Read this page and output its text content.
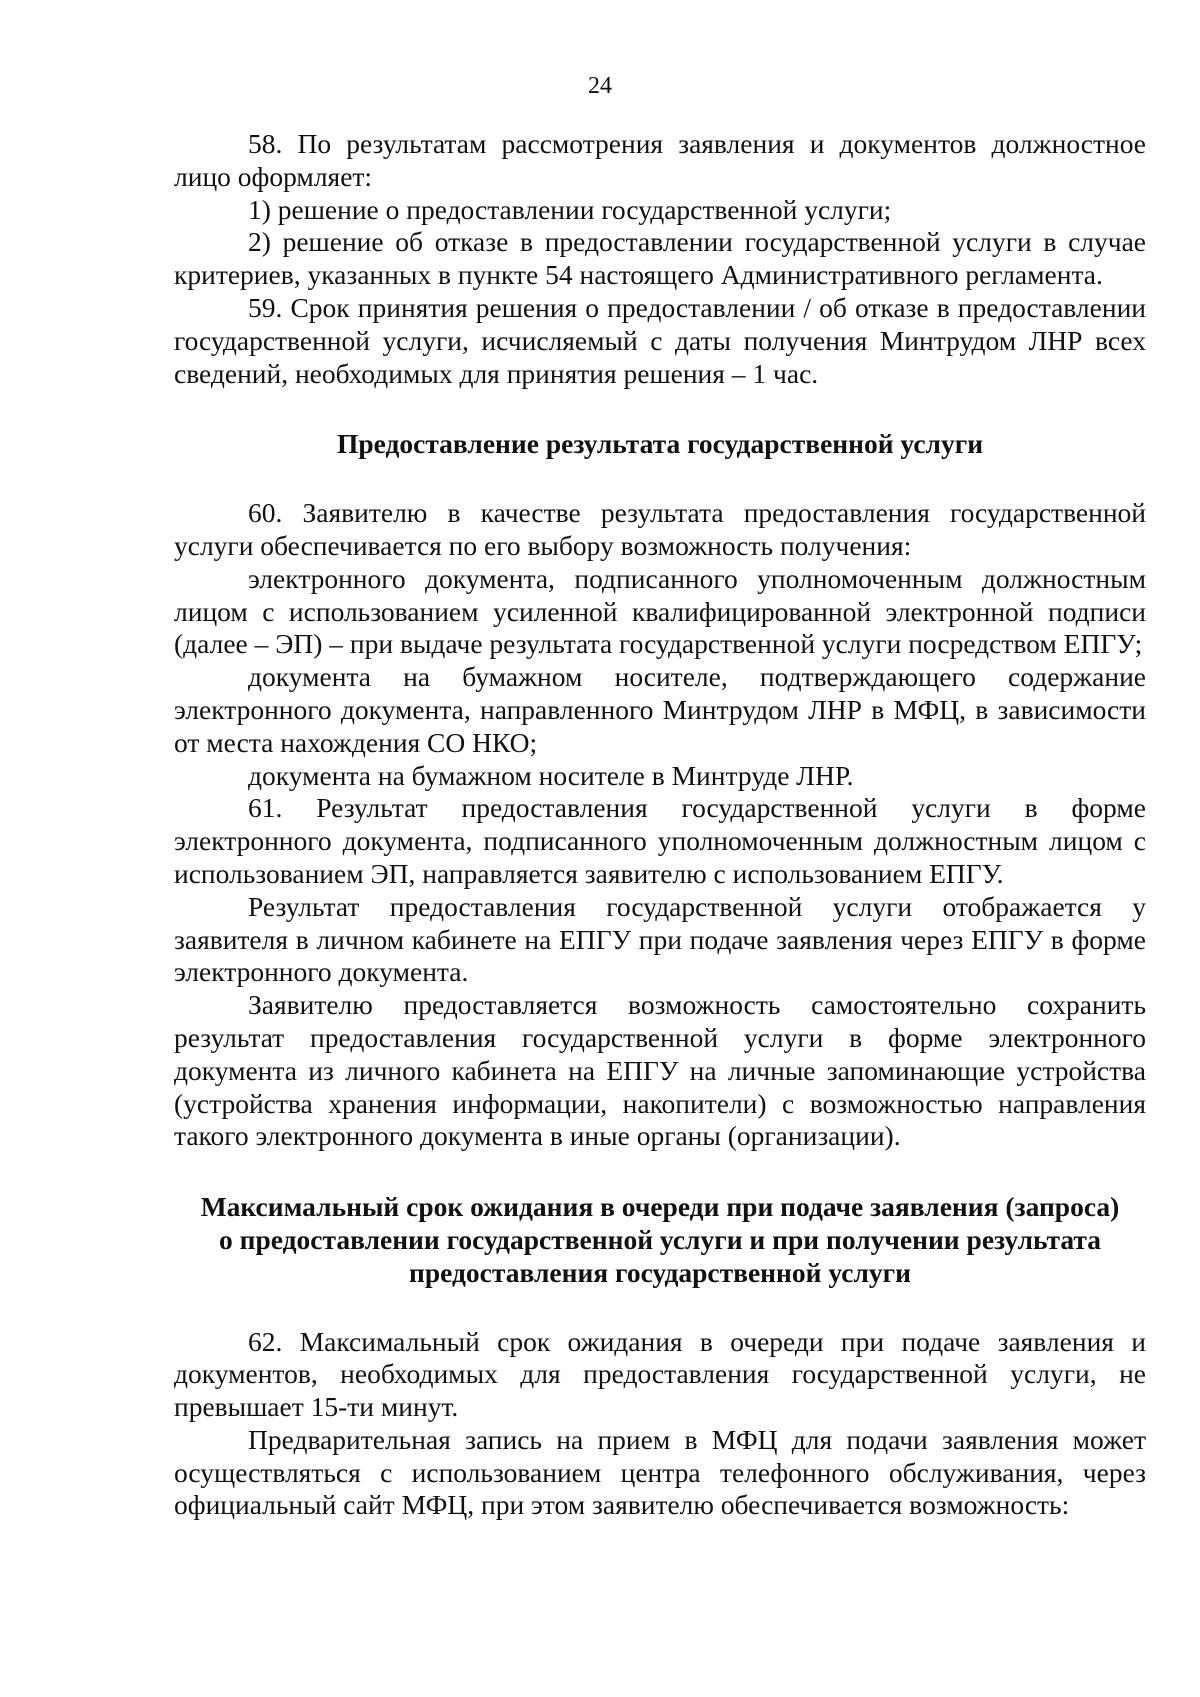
24

58. По результатам рассмотрения заявления и документов должностное лицо оформляет:

1) решение о предоставлении государственной услуги;

2) решение об отказе в предоставлении государственной услуги в случае критериев, указанных в пункте 54 настоящего Административного регламента.

59. Срок принятия решения о предоставлении / об отказе в предоставлении государственной услуги, исчисляемый с даты получения Минтрудом ЛНР всех сведений, необходимых для принятия решения – 1 час.

Предоставление результата государственной услуги

60. Заявителю в качестве результата предоставления государственной услуги обеспечивается по его выбору возможность получения:

электронного документа, подписанного уполномоченным должностным лицом с использованием усиленной квалифицированной электронной подписи (далее – ЭП) – при выдаче результата государственной услуги посредством ЕПГУ;

документа на бумажном носителе, подтверждающего содержание электронного документа, направленного Минтрудом ЛНР в МФЦ, в зависимости от места нахождения СО НКО;

документа на бумажном носителе в Минтруде ЛНР.

61. Результат предоставления государственной услуги в форме электронного документа, подписанного уполномоченным должностным лицом с использованием ЭП, направляется заявителю с использованием ЕПГУ.

Результат предоставления государственной услуги отображается у заявителя в личном кабинете на ЕПГУ при подаче заявления через ЕПГУ в форме электронного документа.

Заявителю предоставляется возможность самостоятельно сохранить результат предоставления государственной услуги в форме электронного документа из личного кабинета на ЕПГУ на личные запоминающие устройства (устройства хранения информации, накопители) с возможностью направления такого электронного документа в иные органы (организации).

Максимальный срок ожидания в очереди при подаче заявления (запроса)
о предоставлении государственной услуги и при получении результата
предоставления государственной услуги

62. Максимальный срок ожидания в очереди при подаче заявления и документов, необходимых для предоставления государственной услуги, не превышает 15-ти минут.

Предварительная запись на прием в МФЦ для подачи заявления может осуществляться с использованием центра телефонного обслуживания, через официальный сайт МФЦ, при этом заявителю обеспечивается возможность:
